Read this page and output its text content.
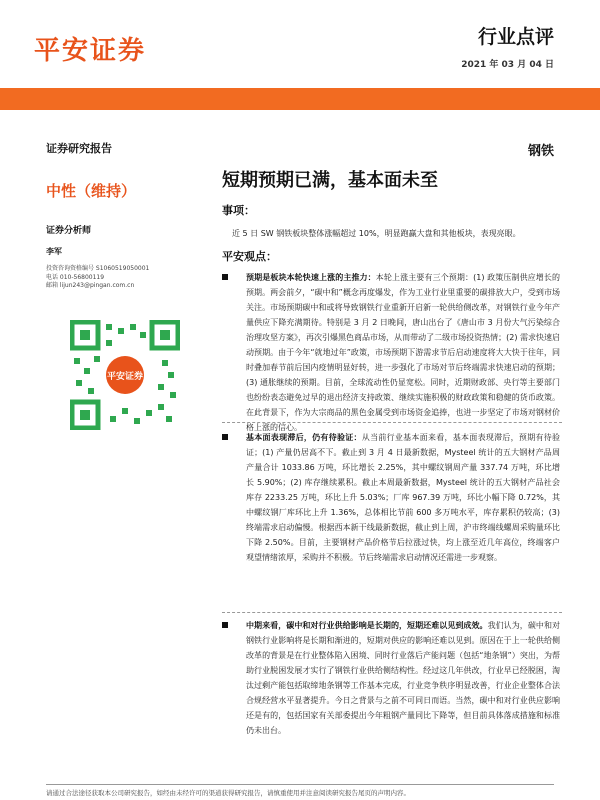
平安证券	行业点评
2021 年 03 月 04 日
证券研究报告
中性（维持）
证券分析师
李军
投资咨询资格编号 S1060519050001
电话 010-56800119
邮箱 lijun243@pingan.com.cn
平安证券
钢铁
短期预期已满，基本面未至
事项：
近 5 日 SW 钢铁板块整体涨幅超过 10%，明显跑赢大盘和其他板块，表现亮眼。
平安观点：
预期是板块本轮快速上涨的主推力：本轮上涨主要有三个预期：(1) 政策压制供应增长的预期。两会前夕，“碳中和”概念再度爆发，作为工业行业里重要的碳排放大户，受到市场关注。市场预期碳中和或将导致钢铁行业重新开启新一轮供给侧改革，对钢铁行业今年产量供应下降充满期待。特别是 3 月 2 日晚间，唐山出台了《唐山市 3 月份大气污染综合治理攻坚方案》，再次引爆黑色商品市场，从而带动了二级市场投资热情；(2) 需求快速启动预期。由于今年“就地过年”政策，市场预期下游需求节后启动速度将大大快于往年，同时叠加春节前后国内疫情明显好转，进一步强化了市场对节后终端需求快速启动的预期；(3) 通胀继续的预期。目前，全球流动性仍显宽松。同时，近期财政部、央行等主要部门也纷纷表态避免过早的退出经济支持政策、继续实施积极的财政政策和稳健的货币政策。在此背景下，作为大宗商品的黑色金属受到市场资金追捧，也进一步坚定了市场对钢材价格上涨的信心。
基本面表现滞后，仍有待验证：从当前行业基本面来看，基本面表现滞后，预期有待验证；(1) 产量仍居高不下。截止到 3 月 4 日最新数据，Mysteel 统计的五大钢材产品周产量合计 1033.86 万吨，环比增长 2.25%，其中螺纹钢周产量 337.74 万吨，环比增长 5.90%；(2) 库存继续累积。截止本周最新数据，Mysteel 统计的五大钢材产品社会库存 2233.25 万吨，环比上升 5.03%；厂库 967.39 万吨，环比小幅下降 0.72%，其中螺纹钢厂库环比上升 1.36%，总体相比节前 600 多万吨水平，库存累积仍较高；(3) 终端需求启动偏慢。根据西本新干线最新数据，截止到上周，沪市终端线螺周采购量环比下降 2.50%。目前，主要钢材产品价格节后拉涨过快，均上涨至近几年高位，终端客户观望情绪浓厚，采购并不积极。节后终端需求启动情况还需进一步观察。
中期来看，碳中和对行业供给影响是长期的，短期还难以见到成效。我们认为，碳中和对钢铁行业影响将是长期和渐进的，短期对供应的影响还难以见到。原因在于上一轮供给侧改革的背景是在行业整体陷入困境、同时行业落后产能问题（包括“地条钢”）突出，为帮助行业脱困发展才实行了钢铁行业供给侧结构性。经过这几年供改，行业早已经脱困，淘汰过剩产能包括取缔地条钢等工作基本完成，行业竞争秩序明显改善，行业企业整体合法合规经营水平显著提升。今日之背景与之前不可同日而语。当然，碳中和对行业供应影响还是有的，包括国家有关部委提出今年粗钢产量同比下降等，但目前具体落成措施和标准仍未出台。
请通过合法途径获取本公司研究报告，如经由未经许可的渠道获得研究报告，请慎重使用并注意阅读研究报告尾页的声明内容。
